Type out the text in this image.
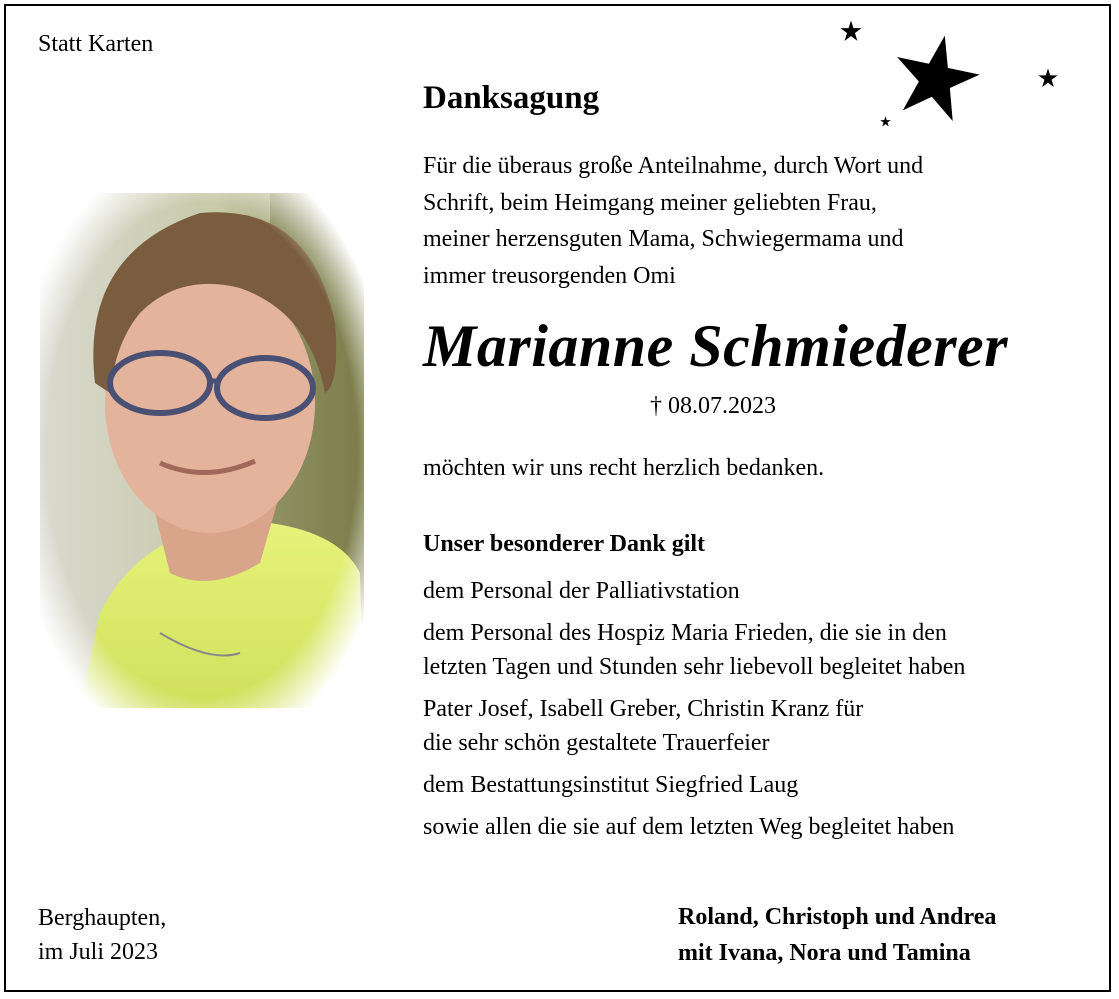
Statt Karten

Danksagung

Für die überaus große Anteilnahme, durch Wort und
Schrift, beim Heimgang meiner geliebten Frau,
meiner herzensguten Mama, Schwiegermama und
immer treusorgenden Omi

Marianne Schmiederer

† 08.07.2023

möchten wir uns recht herzlich bedanken.

Unser besonderer Dank gilt

dem Personal der Palliativstation
dem Personal des Hospiz Maria Frieden, die sie in den
letzten Tagen und Stunden sehr liebevoll begleitet haben
Pater Josef, Isabell Greber, Christin Kranz für
die sehr schön gestaltete Trauerfeier
dem Bestattungsinstitut Siegfried Laug
sowie allen die sie auf dem letzten Weg begleitet haben
Berghaupten,
im Juli 2023
Roland, Christoph und Andrea
mit Ivana, Nora und Tamina
